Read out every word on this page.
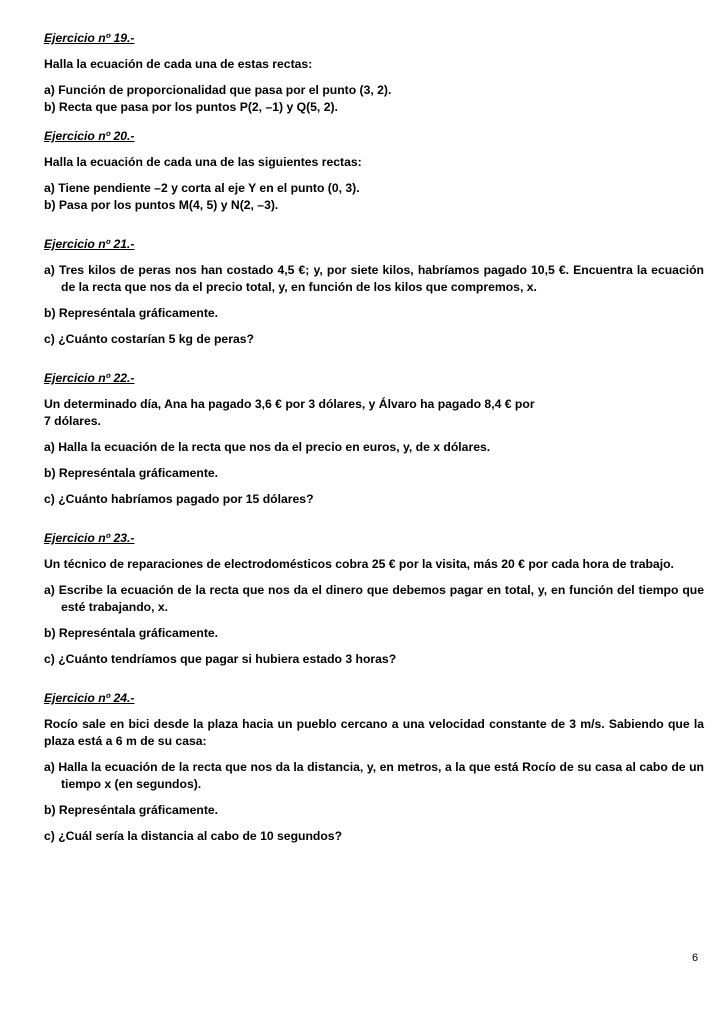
Ejercicio nº 19.-

Halla la ecuación de cada una de estas rectas:

a) Función de proporcionalidad que pasa por el punto (3, 2).

b) Recta que pasa por los puntos P(2, –1) y Q(5, 2).

Ejercicio nº 20.-

Halla la ecuación de cada una de las siguientes rectas:

a) Tiene pendiente –2 y corta al eje Y en el punto (0, 3).

b) Pasa por los puntos M(4, 5) y N(2, –3).

Ejercicio nº 21.-

a) Tres kilos de peras nos han costado 4,5 €; y, por siete kilos, habríamos pagado 10,5 €. Encuentra la ecuación de la recta que nos da el precio total, y, en función de los kilos que compremos, x.

b) Represéntala gráficamente.

c) ¿Cuánto costarían 5 kg de peras?

Ejercicio nº 22.-

Un determinado día, Ana ha pagado 3,6 € por 3 dólares, y Álvaro ha pagado 8,4 € por

7 dólares.

a) Halla la ecuación de la recta que nos da el precio en euros, y, de x dólares.

b) Represéntala gráficamente.

c) ¿Cuánto habríamos pagado por 15 dólares?

Ejercicio nº 23.-

Un técnico de reparaciones de electrodomésticos cobra 25 € por la visita, más 20 € por cada hora de trabajo.

a) Escribe la ecuación de la recta que nos da el dinero que debemos pagar en total, y, en función del tiempo que esté trabajando, x.

b) Represéntala gráficamente.

c) ¿Cuánto tendríamos que pagar si hubiera estado 3 horas?

Ejercicio nº 24.-

Rocío sale en bici desde la plaza hacia un pueblo cercano a una velocidad constante de 3 m/s. Sabiendo que la plaza está a 6 m de su casa:

a) Halla la ecuación de la recta que nos da la distancia, y, en metros, a la que está Rocío de su casa al cabo de un tiempo x (en segundos).

b) Represéntala gráficamente.

c) ¿Cuál sería la distancia al cabo de 10 segundos?

6
